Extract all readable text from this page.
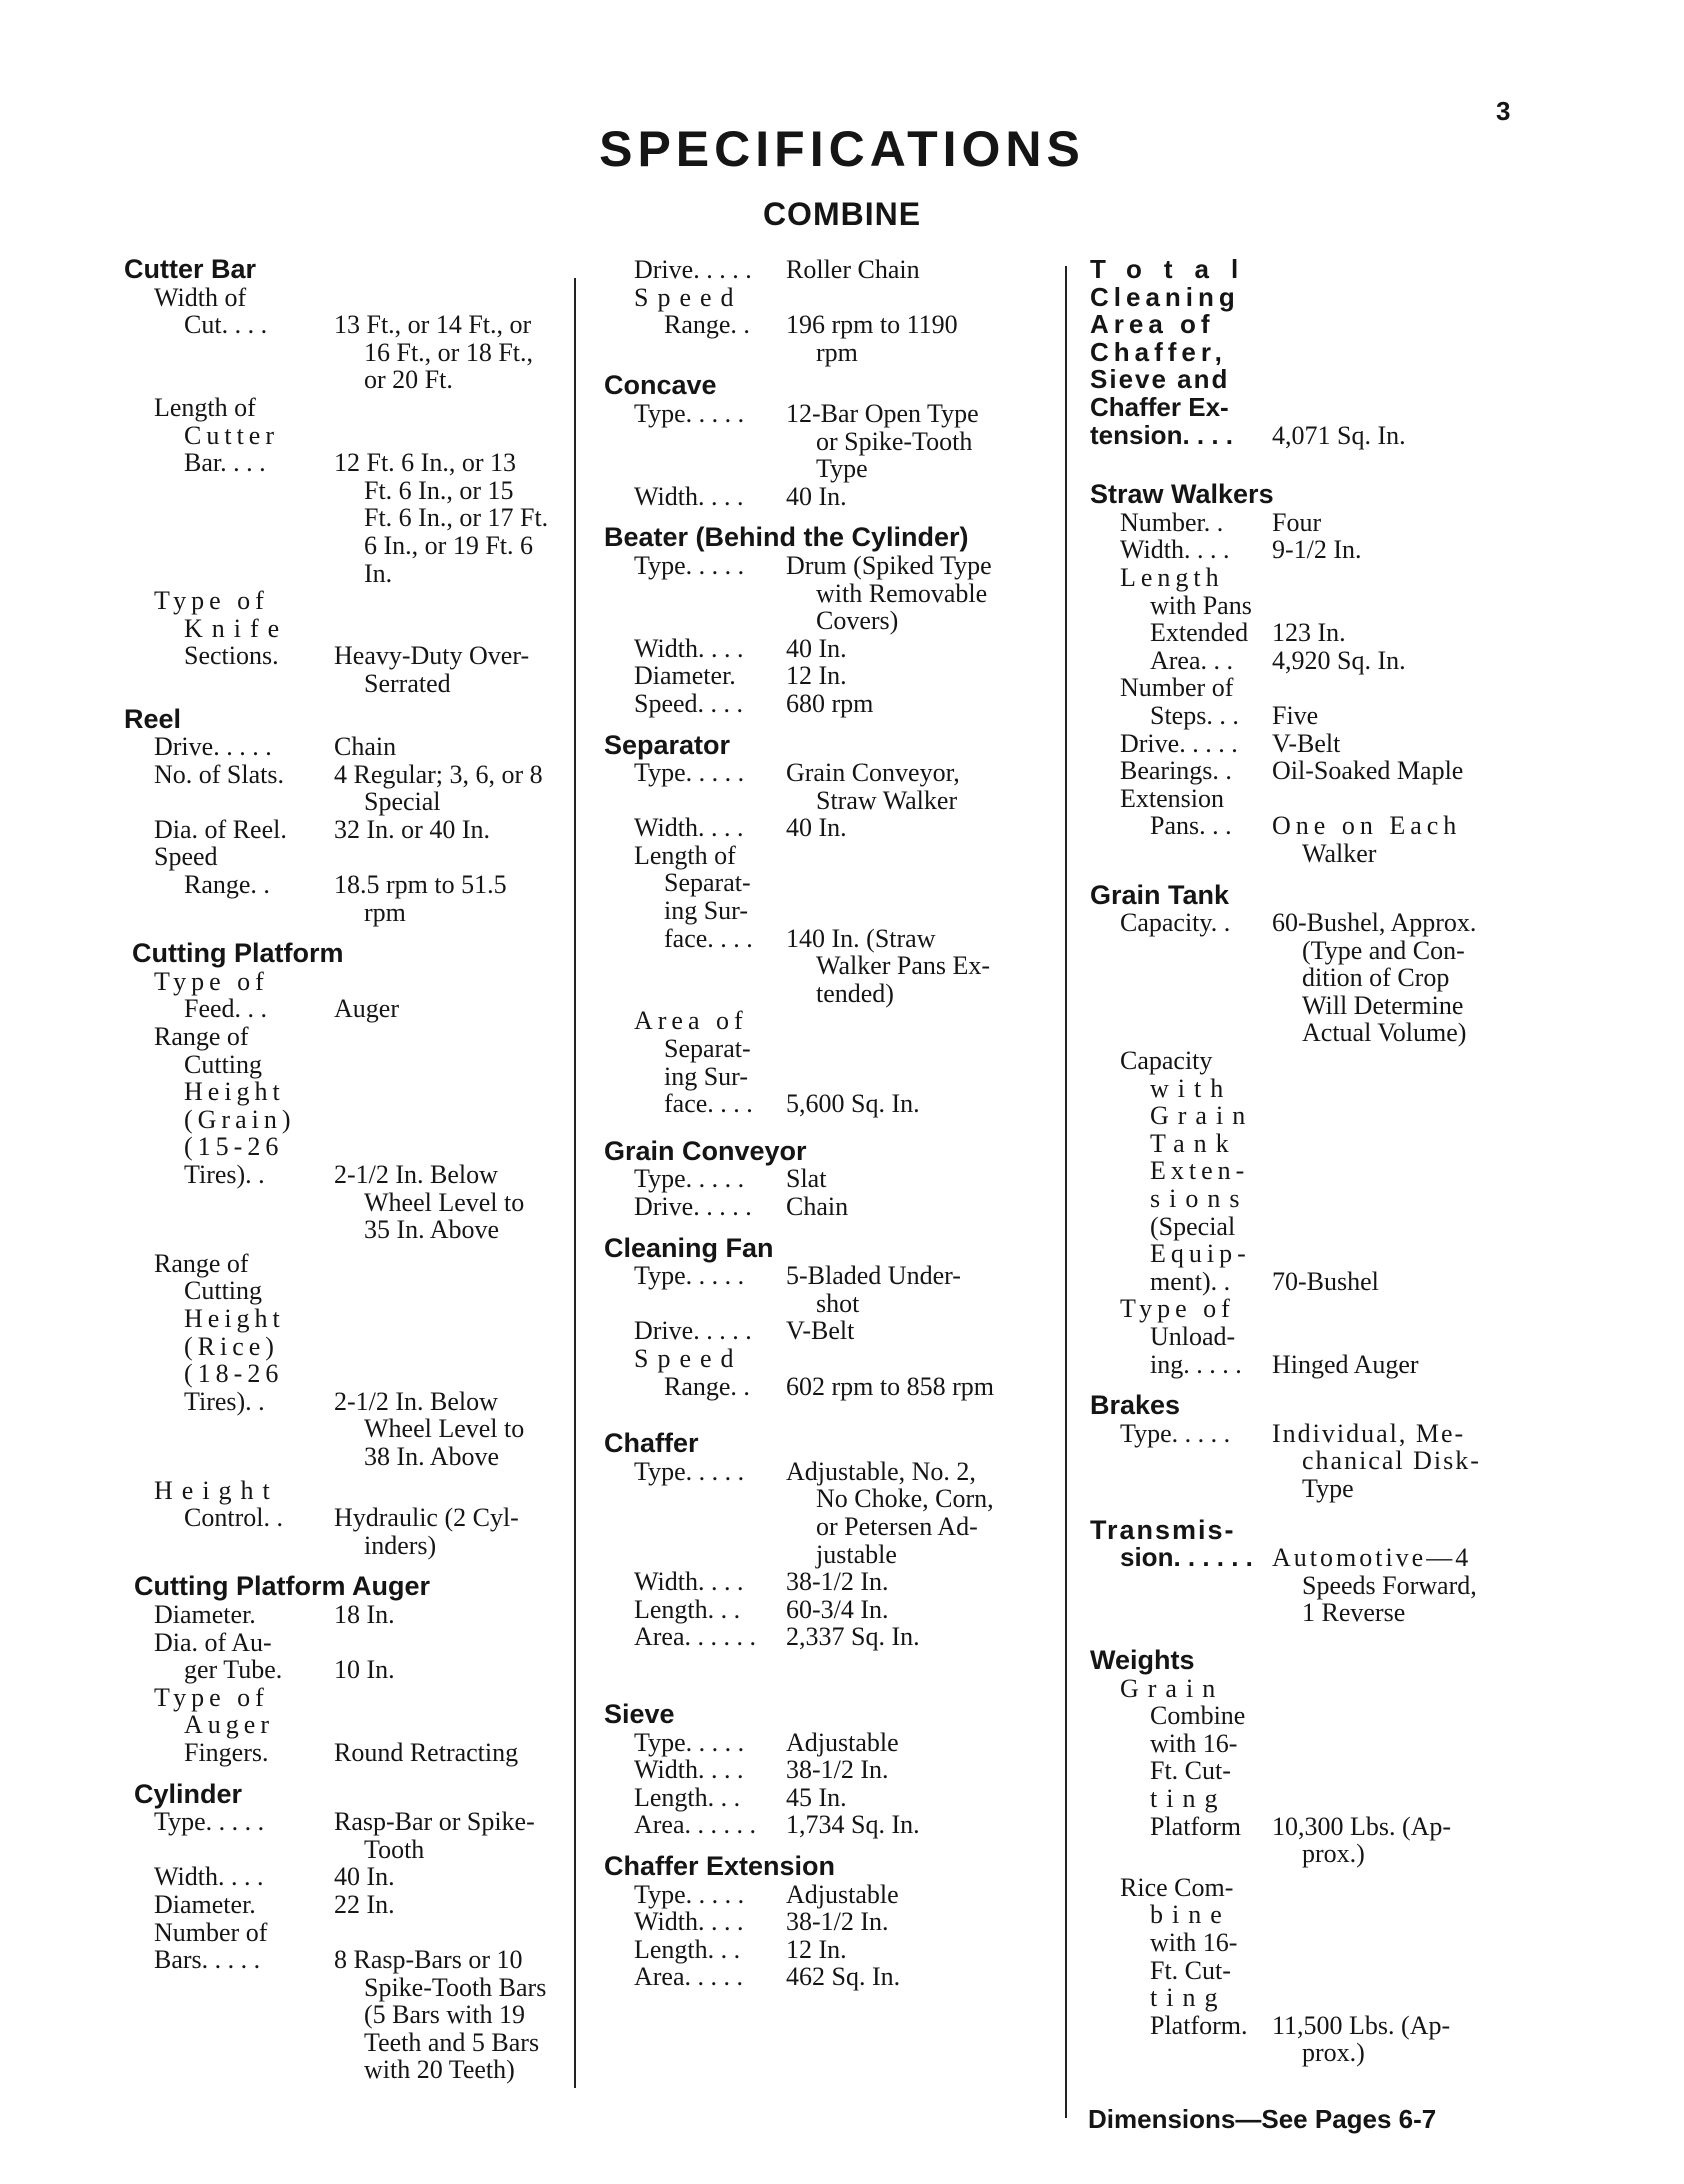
3
SPECIFICATIONS
COMBINE

Cutter Bar

Width of
Cut. . . .	13 Ft., or 14 Ft., or
16 Ft., or 18 Ft.,
or 20 Ft.
Length of
Cutter
Bar. . . .	12 Ft. 6 In., or 13
Ft. 6 In., or 15
Ft. 6 In., or 17 Ft.
6 In., or 19 Ft. 6
In.
Type of
Knife
Sections.	Heavy-Duty Over-
Serrated

Reel

Drive. . . . .	Chain
No. of Slats.	4 Regular; 3, 6, or 8
Special
Dia. of Reel.	32 In. or 40 In.
Speed
Range. .	18.5 rpm to 51.5
rpm

Cutting Platform

Type of
Feed. . .	Auger
Range of
Cutting
Height
(Grain)
(15-26
Tires). .	2-1/2 In. Below
Wheel Level to
35 In. Above
Range of
Cutting
Height
(Rice)
(18-26
Tires). .	2-1/2 In. Below
Wheel Level to
38 In. Above
Height
Control. .	Hydraulic (2 Cyl-
inders)

Cutting Platform Auger

Diameter.	18 In.
Dia. of Au-
ger Tube.	10 In.
Type of
Auger
Fingers.	Round Retracting

Cylinder

Type. . . . .	Rasp-Bar or Spike-
Tooth
Width. . . .	40 In.
Diameter.	22 In.
Number of
Bars. . . . .	8 Rasp-Bars or 10
Spike-Tooth Bars
(5 Bars with 19
Teeth and 5 Bars
with 20 Teeth)
Drive. . . . .	Roller Chain
Speed
Range. .	196 rpm to 1190
rpm

Concave

Type. . . . .	12-Bar Open Type
or Spike-Tooth
Type
Width. . . .	40 In.

Beater (Behind the Cylinder)

Type. . . . .	Drum (Spiked Type
with Removable
Covers)
Width. . . .	40 In.
Diameter.	12 In.
Speed. . . .	680 rpm

Separator

Type. . . . .	Grain Conveyor,
Straw Walker
Width. . . .	40 In.
Length of
Separat-
ing Sur-
face. . . .	140 In. (Straw
Walker Pans Ex-
tended)
Area of
Separat-
ing Sur-
face. . . .	5,600 Sq. In.

Grain Conveyor

Type. . . . .	Slat
Drive. . . . .	Chain

Cleaning Fan

Type. . . . .	5-Bladed Under-
shot
Drive. . . . .	V-Belt
Speed
Range. .	602 rpm to 858 rpm

Chaffer

Type. . . . .	Adjustable, No. 2,
No Choke, Corn,
or Petersen Ad-
justable
Width. . . .	38-1/2 In.
Length. . .	60-3/4 In.
Area. . . . . .	2,337 Sq. In.

Sieve

Type. . . . .	Adjustable
Width. . . .	38-1/2 In.
Length. . .	45 In.
Area. . . . . .	1,734 Sq. In.

Chaffer Extension

Type. . . . .	Adjustable
Width. . . .	38-1/2 In.
Length. . .	12 In.
Area. . . . .	462 Sq. In.
Total
Cleaning
Area of
Chaffer,
Sieve and
Chaffer Ex-
tension. . . .	4,071 Sq. In.

Straw Walkers

Number. .	Four
Width. . . .	9-1/2 In.
Length
with Pans
Extended 123 In.
Area. . .	4,920 Sq. In.
Number of
Steps. . .	Five
Drive. . . . .	V-Belt
Bearings. .	Oil-Soaked Maple
Extension
Pans. . .	One on Each
Walker

Grain Tank

Capacity. .	60-Bushel, Approx.
(Type and Con-
dition of Crop
Will Determine
Actual Volume)
Capacity
with
Grain
Tank
Exten-
sions
(Special
Equip-
ment). .	70-Bushel
Type of
Unload-
ing. . . . .	Hinged Auger

Brakes

Type. . . . .	Individual, Me-
chanical Disk-
Type

Transmis-

sion. . . . . . Automotive—4
Speeds Forward,
1 Reverse

Weights

Grain
Combine
with 16-
Ft. Cut-
ting
Platform	10,300 Lbs. (Ap-
prox.)
Rice Com-
bine
with 16-
Ft. Cut-
ting
Platform. 11,500 Lbs. (Ap-
prox.)
Dimensions—See Pages 6-7
